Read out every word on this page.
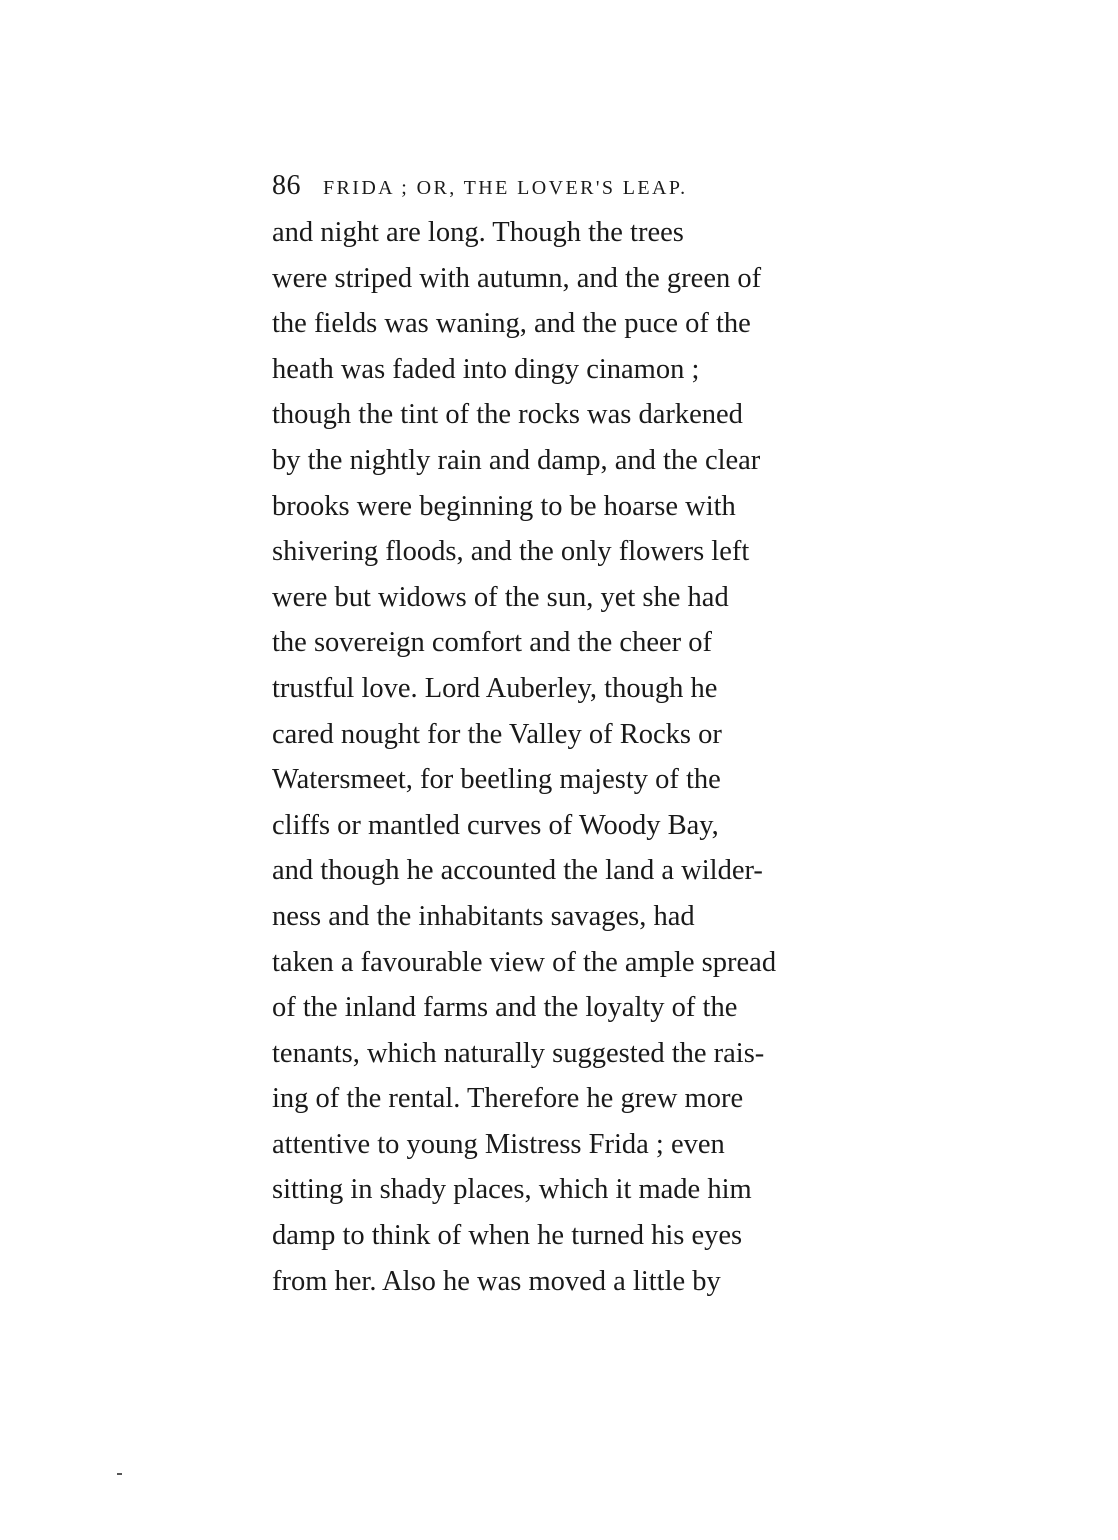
86 FRIDA ; OR, THE LOVER'S LEAP.
and night are long. Though the trees
were striped with autumn, and the green of
the fields was waning, and the puce of the
heath was faded into dingy cinamon ;
though the tint of the rocks was darkened
by the nightly rain and damp, and the clear
brooks were beginning to be hoarse with
shivering floods, and the only flowers left
were but widows of the sun, yet she had
the sovereign comfort and the cheer of
trustful love. Lord Auberley, though he
cared nought for the Valley of Rocks or
Watersmeet, for beetling majesty of the
cliffs or mantled curves of Woody Bay,
and though he accounted the land a wilder-
ness and the inhabitants savages, had
taken a favourable view of the ample spread
of the inland farms and the loyalty of the
tenants, which naturally suggested the rais-
ing of the rental. Therefore he grew more
attentive to young Mistress Frida ; even
sitting in shady places, which it made him
damp to think of when he turned his eyes
from her. Also he was moved a little by
